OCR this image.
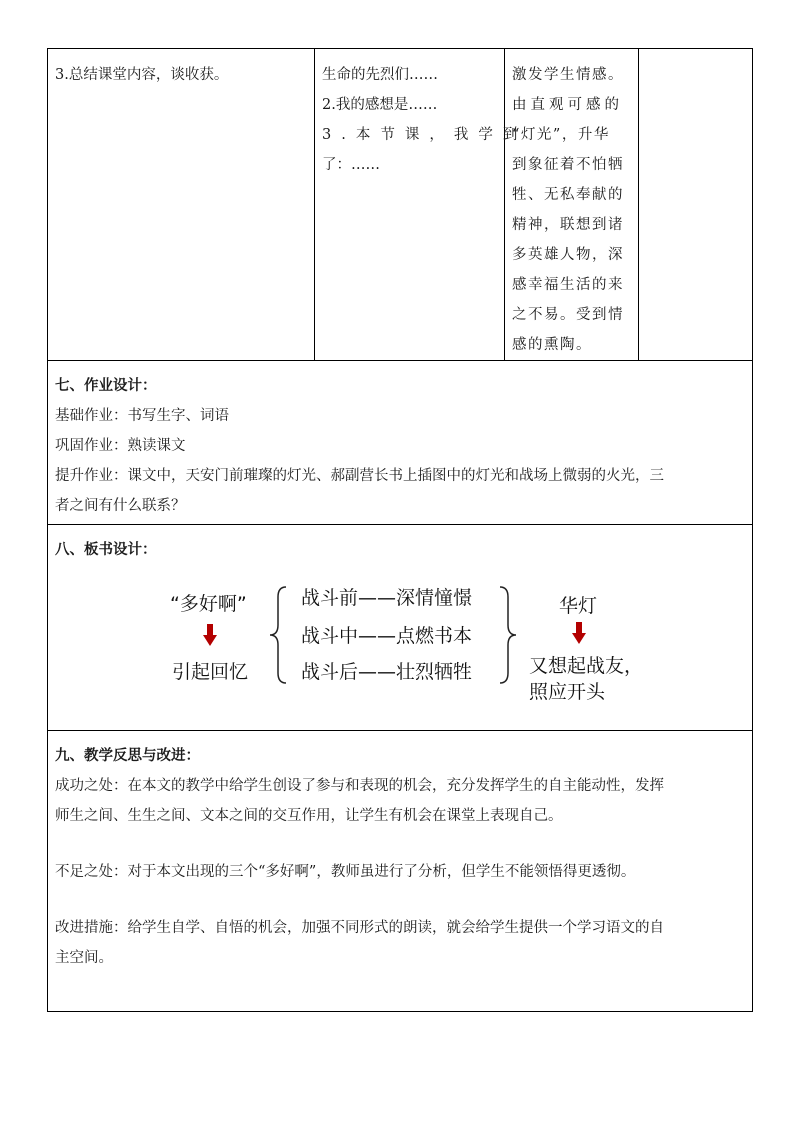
3.总结课堂内容，谈收获。	生命的先烈们……
2.我的感想是……
3.本节课，我学到
了：……
激发学生情感。
由直观可感的
“灯光”，升华
到象征着不怕牺
牲、无私奉献的
精神，联想到诸
多英雄人物，深
感幸福生活的来
之不易。受到情
感的熏陶。

七、作业设计：

基础作业：书写生字、词语

巩固作业：熟读课文

提升作业：课文中，天安门前璀璨的灯光、郝副营长书上插图中的灯光和战场上微弱的火光，三

者之间有什么联系？

八、板书设计：
“多好啊”
引起回忆
战斗前——深情憧憬
战斗中——点燃书本
战斗后——壮烈牺牲
华灯
又想起战友，
照应开头

九、教学反思与改进：

成功之处：在本文的教学中给学生创设了参与和表现的机会，充分发挥学生的自主能动性，发挥

师生之间、生生之间、文本之间的交互作用，让学生有机会在课堂上表现自己。

不足之处：对于本文出现的三个“多好啊”，教师虽进行了分析，但学生不能领悟得更透彻。

改进措施：给学生自学、自悟的机会，加强不同形式的朗读，就会给学生提供一个学习语文的自

主空间。
